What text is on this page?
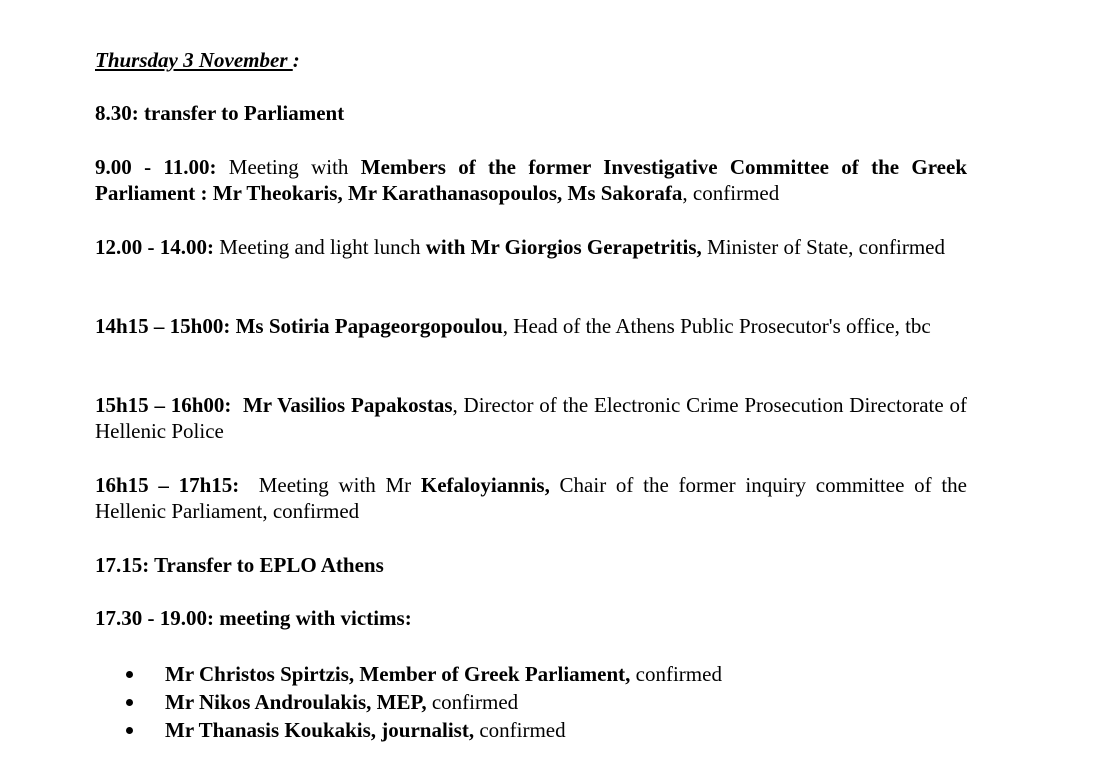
Thursday 3 November :
8.30: transfer to Parliament
9.00 - 11.00: Meeting with Members of the former Investigative Committee of the Greek Parliament : Mr Theokaris, Mr Karathanasopoulos, Ms Sakorafa, confirmed
12.00 - 14.00: Meeting and light lunch with Mr Giorgios Gerapetritis, Minister of State, confirmed
14h15 – 15h00: Ms Sotiria Papageorgopoulou, Head of the Athens Public Prosecutor's office, tbc
15h15 – 16h00:  Mr Vasilios Papakostas, Director of the Electronic Crime Prosecution Directorate of Hellenic Police
16h15 – 17h15:  Meeting with Mr Kefaloyiannis, Chair of the former inquiry committee of the Hellenic Parliament, confirmed
17.15: Transfer to EPLO Athens
17.30 - 19.00: meeting with victims:
Mr Christos Spirtzis, Member of Greek Parliament, confirmed
Mr Nikos Androulakis, MEP, confirmed
Mr Thanasis Koukakis, journalist, confirmed
